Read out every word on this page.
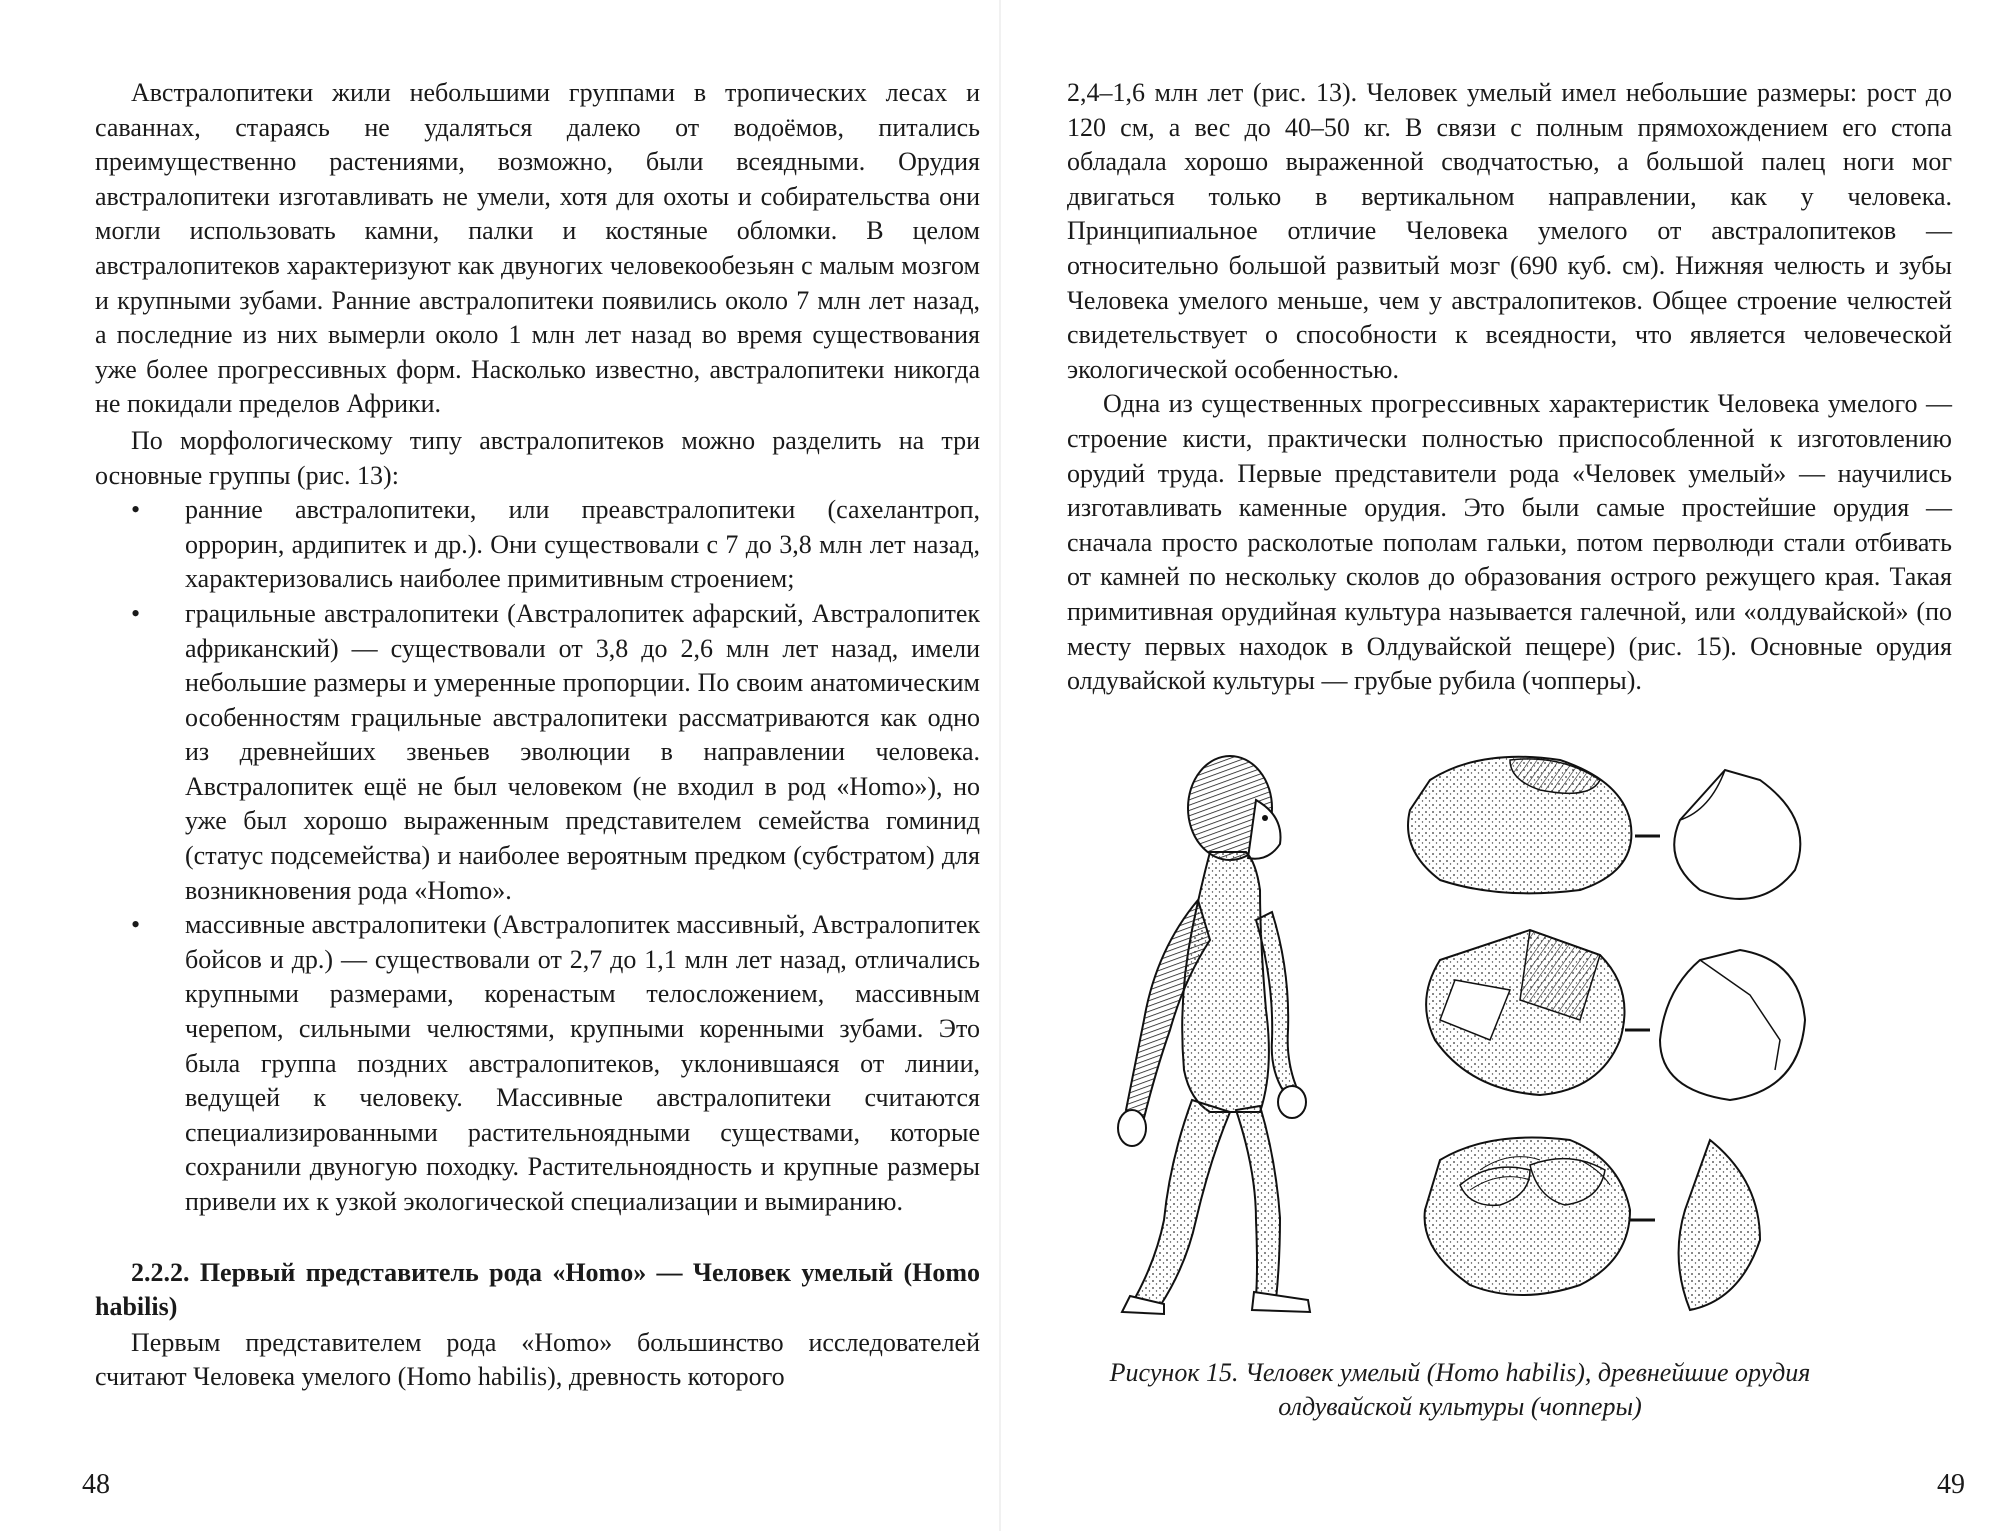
Австралопитеки жили небольшими группами в тропических лесах и саваннах, стараясь не удаляться далеко от водоёмов, питались преимущественно растениями, возможно, были всеядными. Орудия австралопитеки изготавливать не умели, хотя для охоты и собирательства они могли использовать камни, палки и костяные обломки. В целом австралопитеков характеризуют как двуногих человекообезьян с малым мозгом и крупными зубами. Ранние австралопитеки появились около 7 млн лет назад, а последние из них вымерли около 1 млн лет назад во время существования уже более прогрессивных форм. Насколько известно, австралопитеки никогда не покидали пределов Африки.

По морфологическому типу австралопитеков можно разделить на три основные группы (рис. 13):

• ранние австралопитеки, или преавстралопитеки (сахелантроп, оррорин, ардипитек и др.). Они существовали с 7 до 3,8 млн лет назад, характеризовались наиболее примитивным строением;
• грацильные австралопитеки (Австралопитек афарский, Австралопитек африканский) — существовали от 3,8 до 2,6 млн лет назад, имели небольшие размеры и умеренные пропорции. По своим анатомическим особенностям грацильные австралопитеки рассматриваются как одно из древнейших звеньев эволюции в направлении человека. Австралопитек ещё не был человеком (не входил в род «Homo»), но уже был хорошо выраженным представителем семейства гоминид (статус подсемейства) и наиболее вероятным предком (субстратом) для возникновения рода «Homo».
• массивные австралопитеки (Австралопитек массивный, Австралопитек бойсов и др.) — существовали от 2,7 до 1,1 млн лет назад, отличались крупными размерами, коренастым телосложением, массивным черепом, сильными челюстями, крупными коренными зубами. Это была группа поздних австралопитеков, уклонившаяся от линии, ведущей к человеку. Массивные австралопитеки считаются специализированными растительноядными существами, которые сохранили двуногую походку. Растительноядность и крупные размеры привели их к узкой экологической специализации и вымиранию.
2.2.2. Первый представитель рода «Homo» — Человек умелый (Homo habilis)

Первым представителем рода «Homo» большинство исследователей считают Человека умелого (Homo habilis), древность которого

48

2,4–1,6 млн лет (рис. 13). Человек умелый имел небольшие размеры: рост до 120 см, а вес до 40–50 кг. В связи с полным прямохождением его стопа обладала хорошо выраженной сводчатостью, а большой палец ноги мог двигаться только в вертикальном направлении, как у человека. Принципиальное отличие Человека умелого от австралопитеков — относительно большой развитый мозг (690 куб. см). Нижняя челюсть и зубы Человека умелого меньше, чем у австралопитеков. Общее строение челюстей свидетельствует о способности к всеядности, что является человеческой экологической особенностью.

Одна из существенных прогрессивных характеристик Человека умелого — строение кисти, практически полностью приспособленной к изготовлению орудий труда. Первые представители рода «Человек умелый» — научились изготавливать каменные орудия. Это были самые простейшие орудия — сначала просто расколотые пополам гальки, потом перволюди стали отбивать от камней по нескольку сколов до образования острого режущего края. Такая примитивная орудийная культура называется галечной, или «олдувайской» (по месту первых находок в Олдувайской пещере) (рис. 15). Основные орудия олдувайской культуры — грубые рубила (чопперы).

Рисунок 15. Человек умелый (Homo habilis), древнейшие орудия олдувайской культуры (чопперы)
49
